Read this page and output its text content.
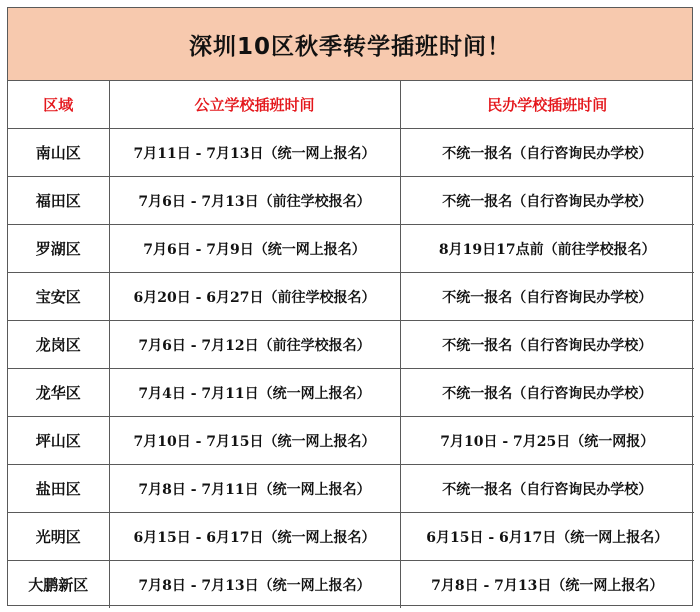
深圳10区秋季转学插班时间！
区域	公立学校插班时间	民办学校插班时间
南山区	7月11日 - 7月13日（统一网上报名）	不统一报名（自行咨询民办学校）
福田区	7月6日 - 7月13日（前往学校报名）	不统一报名（自行咨询民办学校）
罗湖区	7月6日 - 7月9日（统一网上报名）	8月19日17点前（前往学校报名）
宝安区	6月20日 - 6月27日（前往学校报名）	不统一报名（自行咨询民办学校）
龙岗区	7月6日 - 7月12日（前往学校报名）	不统一报名（自行咨询民办学校）
龙华区	7月4日 - 7月11日（统一网上报名）	不统一报名（自行咨询民办学校）
坪山区	7月10日 - 7月15日（统一网上报名）	7月10日 - 7月25日（统一网报）
盐田区	7月8日 - 7月11日（统一网上报名）	不统一报名（自行咨询民办学校）
光明区	6月15日 - 6月17日（统一网上报名）	6月15日 - 6月17日（统一网上报名）
大鹏新区	7月8日 - 7月13日（统一网上报名）	7月8日 - 7月13日（统一网上报名）
